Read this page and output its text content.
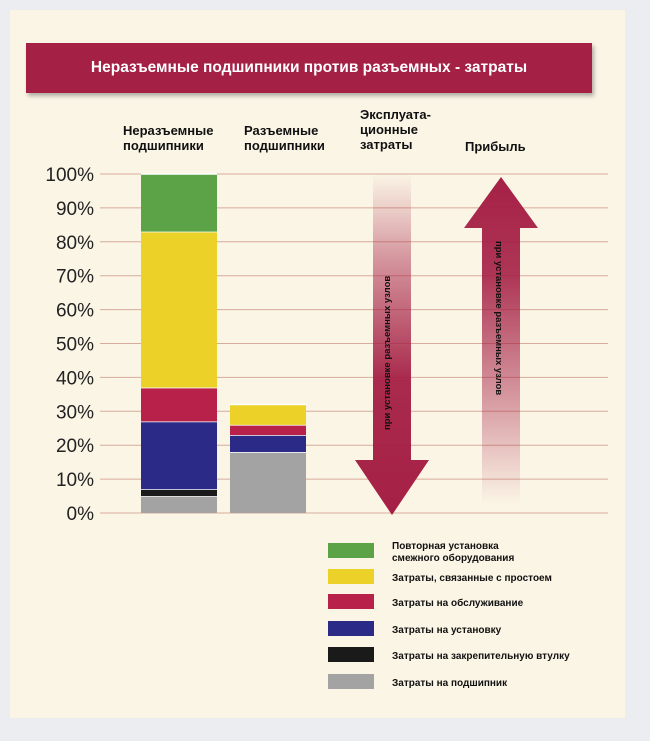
Неразъемные подшипники против разъемных - затраты
Неразъемные
подшипники
Разъемные
подшипники
Эксплуата-
ционные
затраты	Прибыль
0%
10%
20%
30%
40%
50%
60%
70%
80%
90%
100%
при установке разъемных узлов	при установке разъемных узлов
Повторная установка
смежного оборудования
Затраты, связанные с простоем
Затраты на обслуживание
Затраты на установку
Затраты на закрепительную втулку
Затраты на подшипник
